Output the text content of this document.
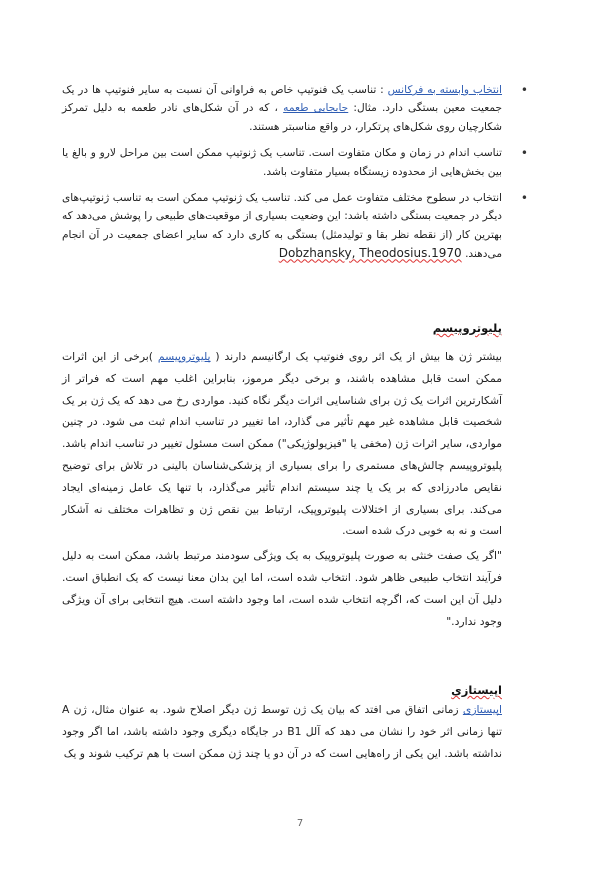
• انتخاب وابسته به فرکانس : تناسب یک فنوتیپ خاص به فراوانی آن نسبت به سایر فنوتیپ ها در یک جمعیت معین بستگی دارد. مثال: جابجایی طعمه ، که در آن شکل‌های نادر طعمه به دلیل تمرکز شکارچیان روی شکل‌های پرتکرار، در واقع مناسبتر هستند.
• تناسب اندام در زمان و مکان متفاوت است. تناسب یک ژنوتیپ ممکن است بین مراحل لارو و بالغ یا بین بخش‌هایی از محدوده زیستگاه بسیار متفاوت باشد.
• انتخاب در سطوح مختلف متفاوت عمل می کند. تناسب یک ژنوتیپ ممکن است به تناسب ژنوتیپ‌های دیگر در جمعیت بستگی داشته باشد: این وضعیت بسیاری از موقعیت‌های طبیعی را پوشش می‌دهد که بهترین کار (از نقطه نظر بقا و تولیدمثل) بستگی به کاری دارد که سایر اعضای جمعیت در آن انجام می‌دهند. Dobzhansky, Theodosius.1970
پلیوتروپیسم
بیشتر ژن ها بیش از یک اثر روی فنوتیپ یک ارگانیسم دارند ( پلیوتروپیسم )برخی از این اثرات ممکن است قابل مشاهده باشند، و برخی دیگر مرموز، بنابراین اغلب مهم است که فراتر از آشکارترین اثرات یک ژن برای شناسایی اثرات دیگر نگاه کنید. مواردی رخ می دهد که یک ژن بر یک شخصیت قابل مشاهده غیر مهم تأثیر می گذارد، اما تغییر در تناسب اندام ثبت می شود. در چنین مواردی، سایر اثرات ژن (مخفی یا "فیزیولوژیکی") ممکن است مسئول تغییر در تناسب اندام باشد. پلیوتروپیسم چالش‌های مستمری را برای بسیاری از پزشکی‌شناسان بالینی در تلاش برای توضیح نقایص مادرزادی که بر یک یا چند سیستم اندام تأثیر می‌گذارد، با تنها یک عامل زمینه‌ای ایجاد می‌کند. برای بسیاری از اختلالات پلیوتروپیک، ارتباط بین نقص ژن و تظاهرات مختلف نه آشکار است و نه به خوبی درک شده است.
"اگر یک صفت خنثی به صورت پلیوتروپیک به یک ویژگی سودمند مرتبط باشد، ممکن است به دلیل فرآیند انتخاب طبیعی ظاهر شود. انتخاب شده است، اما این بدان معنا نیست که یک انطباق است. دلیل آن این است که، اگرچه انتخاب شده است، اما وجود داشته است. هیچ انتخابی برای آن ویژگی وجود ندارد."
اپیستازی
اپیستازی زمانی اتفاق می افتد که بیان یک ژن توسط ژن دیگر اصلاح شود. به عنوان مثال، ژن A تنها زمانی اثر خود را نشان می دهد که آلل B1 در جایگاه دیگری وجود داشته باشد، اما اگر وجود نداشته باشد. این یکی از راه‌هایی است که در آن دو یا چند ژن ممکن است با هم ترکیب شوند و یک
7
